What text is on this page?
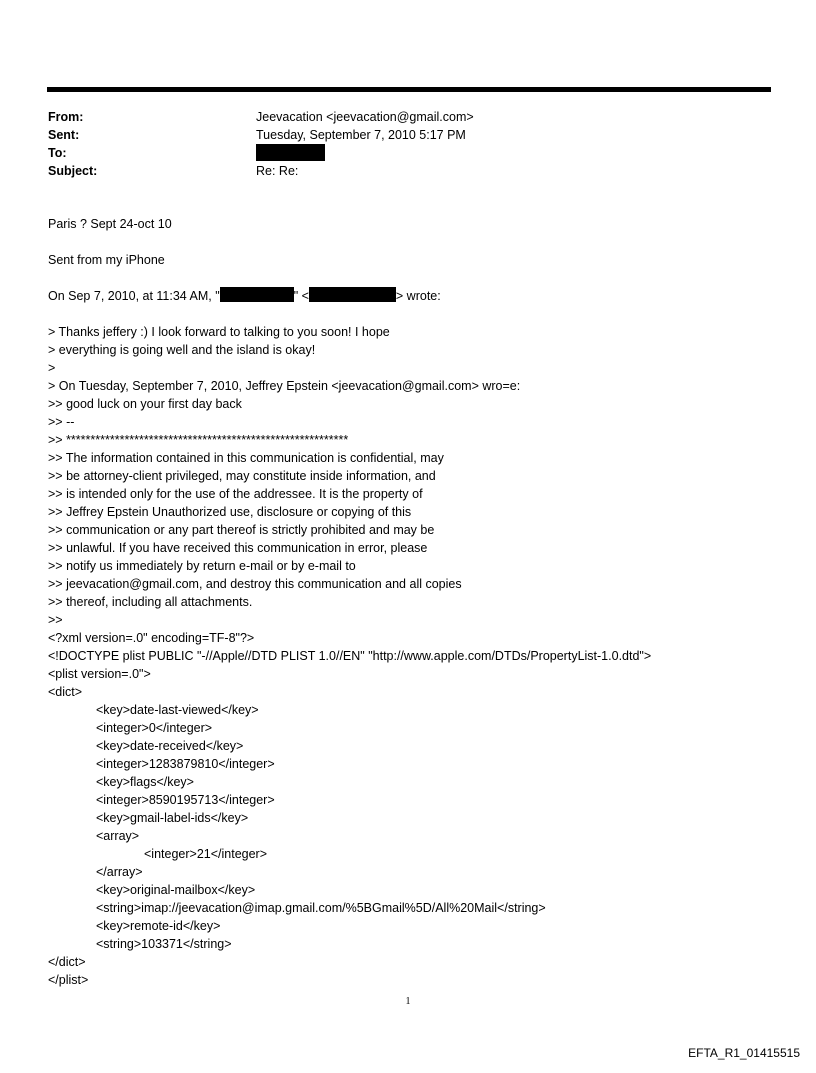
From:	Jeevacation <jeevacation@gmail.com>
Sent:	Tuesday, September 7, 2010 5:17 PM
To:
Subject:	Re: Re:
Paris ? Sept 24-oct 10
Sent from my iPhone
On Sep 7, 2010, at 11:34 AM, "	" <	> wrote:
> Thanks jeffery :) I look forward to talking to you soon! I hope
> everything is going well and the island is okay!
>
> On Tuesday, September 7, 2010, Jeffrey Epstein <jeevacation@gmail.com> wro=e:
>> good luck on your first day back
>> --
>> **********************************************************
>> The information contained in this communication is confidential, may
>> be attorney-client privileged, may constitute inside information, and
>> is intended only for the use of the addressee. It is the property of
>> Jeffrey Epstein Unauthorized use, disclosure or copying of this
>> communication or any part thereof is strictly prohibited and may be
>> unlawful. If you have received this communication in error, please
>> notify us immediately by return e-mail or by e-mail to
>> jeevacation@gmail.com, and destroy this communication and all copies
>> thereof, including all attachments.
>>
<?xml version=.0" encoding=TF-8"?>
<!DOCTYPE plist PUBLIC "-//Apple//DTD PLIST 1.0//EN" "http://www.apple.com/DTDs/PropertyList-1.0.dtd">
<plist version=.0">
<dict>
<key>date-last-viewed</key>
<integer>0</integer>
<key>date-received</key>
<integer>1283879810</integer>
<key>flags</key>
<integer>8590195713</integer>
<key>gmail-label-ids</key>
<array>
<integer>21</integer>
</array>
<key>original-mailbox</key>
<string>imap://jeevacation@imap.gmail.com/%5BGmail%5D/All%20Mail</string>
<key>remote-id</key>
<string>103371</string>
</dict>
</plist>
1
EFTA_R1_01415515
